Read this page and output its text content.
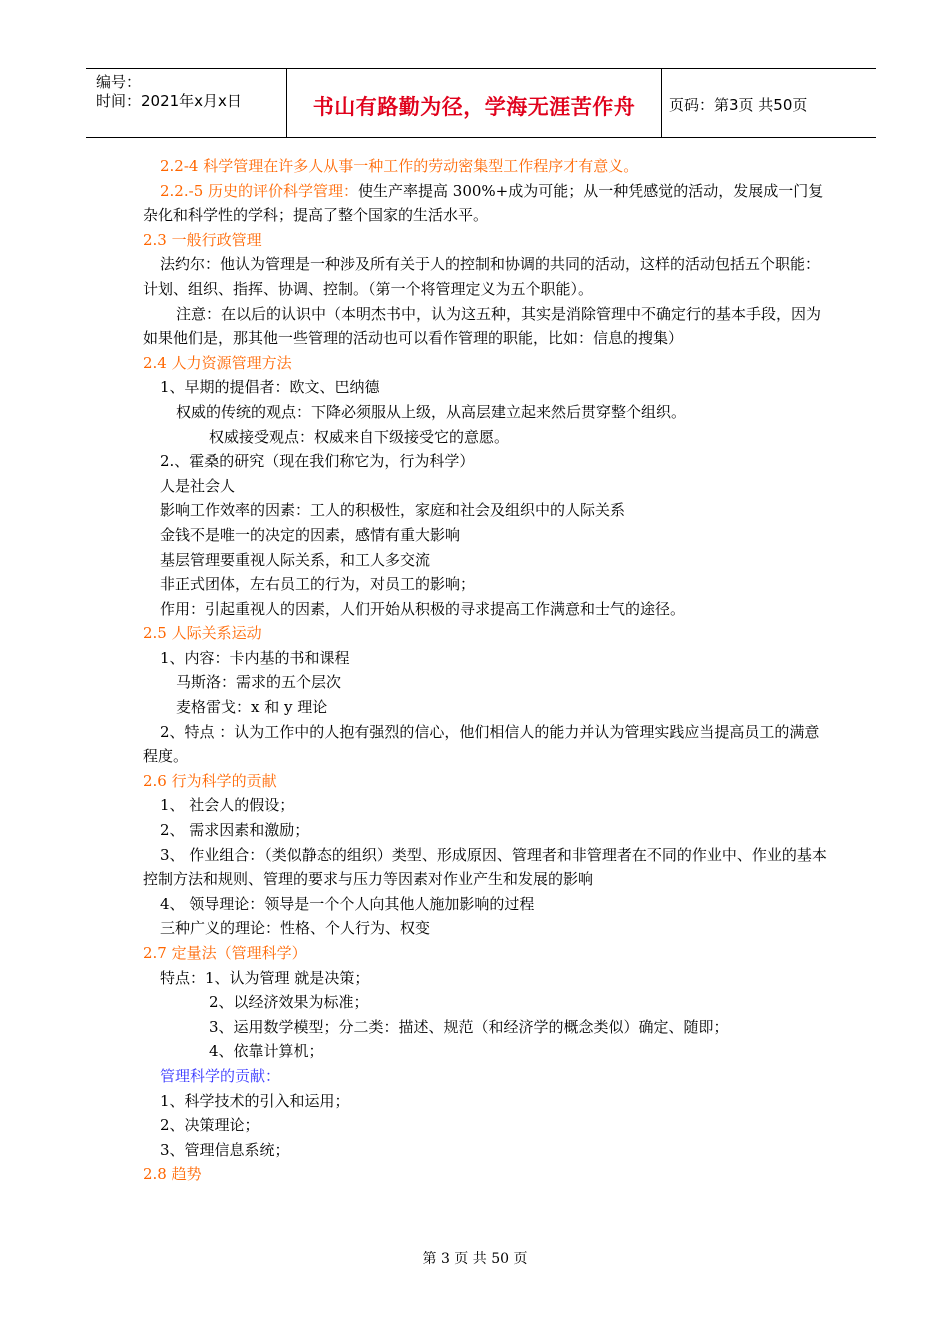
编号：
时间：2021年x月x日	书山有路勤为径，学海无涯苦作舟	页码：第3页 共50页

2.2-4 科学管理在许多人从事一种工作的劳动密集型工作程序才有意义。

2.2.-5 历史的评价科学管理：使生产率提高 300%+成为可能；从一种凭感觉的活动，发展成一门复杂化和科学性的学科；提高了整个国家的生活水平。

2.3 一般行政管理

法约尔：他认为管理是一种涉及所有关于人的控制和协调的共同的活动，这样的活动包括五个职能：计划、组织、指挥、协调、控制。（第一个将管理定义为五个职能）。

注意：在以后的认识中（本明杰书中，认为这五种，其实是消除管理中不确定行的基本手段，因为如果他们是，那其他一些管理的活动也可以看作管理的职能，比如：信息的搜集）

2.4 人力资源管理方法

1、早期的提倡者：欧文、巴纳德

权威的传统的观点：下降必须服从上级，从高层建立起来然后贯穿整个组织。

权威接受观点：权威来自下级接受它的意愿。

2.、霍桑的研究（现在我们称它为，行为科学）

人是社会人

影响工作效率的因素：工人的积极性，家庭和社会及组织中的人际关系

金钱不是唯一的决定的因素，感情有重大影响

基层管理要重视人际关系，和工人多交流

非正式团体，左右员工的行为，对员工的影响；

作用：引起重视人的因素，人们开始从积极的寻求提高工作满意和士气的途径。

2.5 人际关系运动

1、内容：卡内基的书和课程

马斯洛：需求的五个层次

麦格雷戈：x 和 y 理论

2、特点 ：认为工作中的人抱有强烈的信心，他们相信人的能力并认为管理实践应当提高员工的满意程度。

2.6 行为科学的贡献

1、 社会人的假设；

2、 需求因素和激励；

3、 作业组合：（类似静态的组织）类型、形成原因、管理者和非管理者在不同的作业中、作业的基本控制方法和规则、管理的要求与压力等因素对作业产生和发展的影响

4、 领导理论：领导是一个个人向其他人施加影响的过程

三种广义的理论：性格、个人行为、权变

2.7 定量法（管理科学）

特点：1、认为管理 就是决策；

2、以经济效果为标准；

3、运用数学模型；分二类：描述、规范（和经济学的概念类似）确定、随即；

4、依靠计算机；

管理科学的贡献：

1、科学技术的引入和运用；

2、决策理论；

3、管理信息系统；

2.8 趋势

第 3 页 共 50 页
